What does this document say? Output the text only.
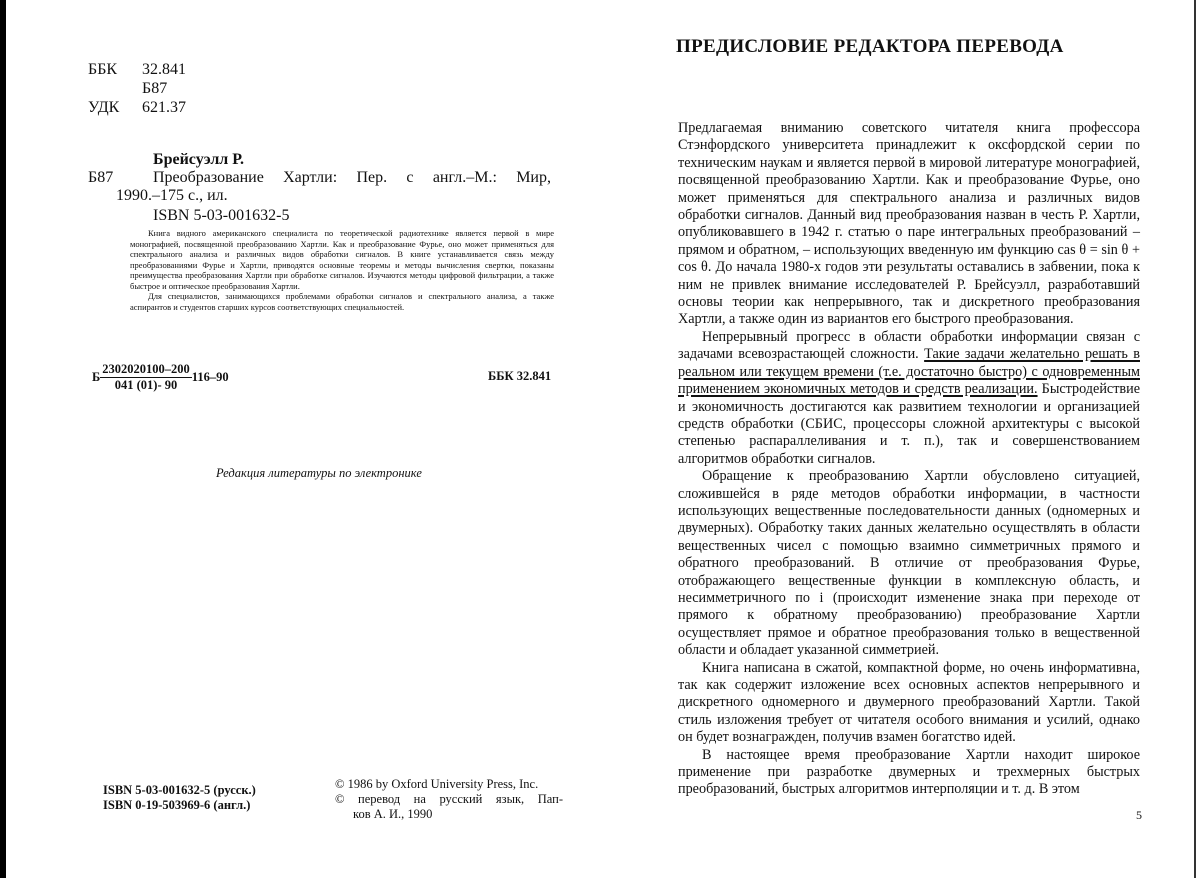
ББК	32.841
Б87
УДК	621.37
Брейсуэлл Р.
Б87 Преобразование Хартли: Пер. с англ.–М.: Мир,
1990.–175 с., ил.
ISBN 5-03-001632-5

Книга видного американского специалиста по теоретической радиотехнике является первой в мире монографией, посвященной преобразованию Хартли. Как и преобразование Фурье, оно может применяться для спектрального анализа и различных видов обработки сигналов. В книге устанавливается связь между преобразованиями Фурье и Хартли, приводятся основные теоремы и методы вычисления свертки, показаны преимущества преобразования Хартли при обработке сигналов. Изучаются методы цифровой фильтрации, а также быстрое и оптическое преобразования Хартли.

Для специалистов, занимающихся проблемами обработки сигналов и спектрального анализа, а также аспирантов и студентов старших курсов соответствующих специальностей.

Б $\frac{2302020100-200}{041 (01)- 90} 116-90$	ББК 32.841
Редакция литературы по электронике
ISBN 5-03-001632-5 (русск.)
ISBN 0-19-503969-6 (англ.)
© 1986 by Oxford University Press, Inc.
© перевод на русский язык, Пап-
ков А. И., 1990
ПРЕДИСЛОВИЕ РЕДАКТОРА ПЕРЕВОДА

Предлагаемая вниманию советского читателя книга профессора Стэнфордского университета принадлежит к оксфордской серии по техническим наукам и является первой в мировой литературе монографией, посвященной преобразованию Хартли. Как и преобразование Фурье, оно может применяться для спектрального анализа и различных видов обработки сигналов. Данный вид преобразования назван в честь Р. Хартли, опубликовавшего в 1942 г. статью о паре интегральных преобразований – прямом и обратном, – использующих введенную им функцию cas θ = sin θ + cos θ. До начала 1980-х годов эти результаты оставались в забвении, пока к ним не привлек внимание исследователей Р. Брейсуэлл, разработавший основы теории как непрерывного, так и дискретного преобразования Хартли, а также один из вариантов его быстрого преобразования.

Непрерывный прогресс в области обработки информации связан с задачами всевозрастающей сложности. Такие задачи желательно решать в реальном или текущем времени (т.е. достаточно быстро) с одновременным применением экономичных методов и средств реализации. Быстродействие и экономичность достигаются как развитием технологии и организацией средств обработки (СБИС, процессоры сложной архитектуры с высокой степенью распараллеливания и т. п.), так и совершенствованием алгоритмов обработки сигналов.

Обращение к преобразованию Хартли обусловлено ситуацией, сложившейся в ряде методов обработки информации, в частности использующих вещественные последовательности данных (одномерных и двумерных). Обработку таких данных желательно осуществлять в области вещественных чисел с помощью взаимно симметричных прямого и обратного преобразований. В отличие от преобразования Фурье, отображающего вещественные функции в комплексную область, и несимметричного по i (происходит изменение знака при переходе от прямого к обратному преобразованию) преобразование Хартли осуществляет прямое и обратное преобразования только в вещественной области и обладает указанной симметрией.

Книга написана в сжатой, компактной форме, но очень информативна, так как содержит изложение всех основных аспектов непрерывного и дискретного одномерного и двумерного преобразований Хартли. Такой стиль изложения требует от читателя особого внимания и усилий, однако он будет вознагражден, получив взамен богатство идей.

В настоящее время преобразование Хартли находит широкое применение при разработке двумерных и трехмерных быстрых преобразований, быстрых алгоритмов интерполяции и т. д. В этом

5
